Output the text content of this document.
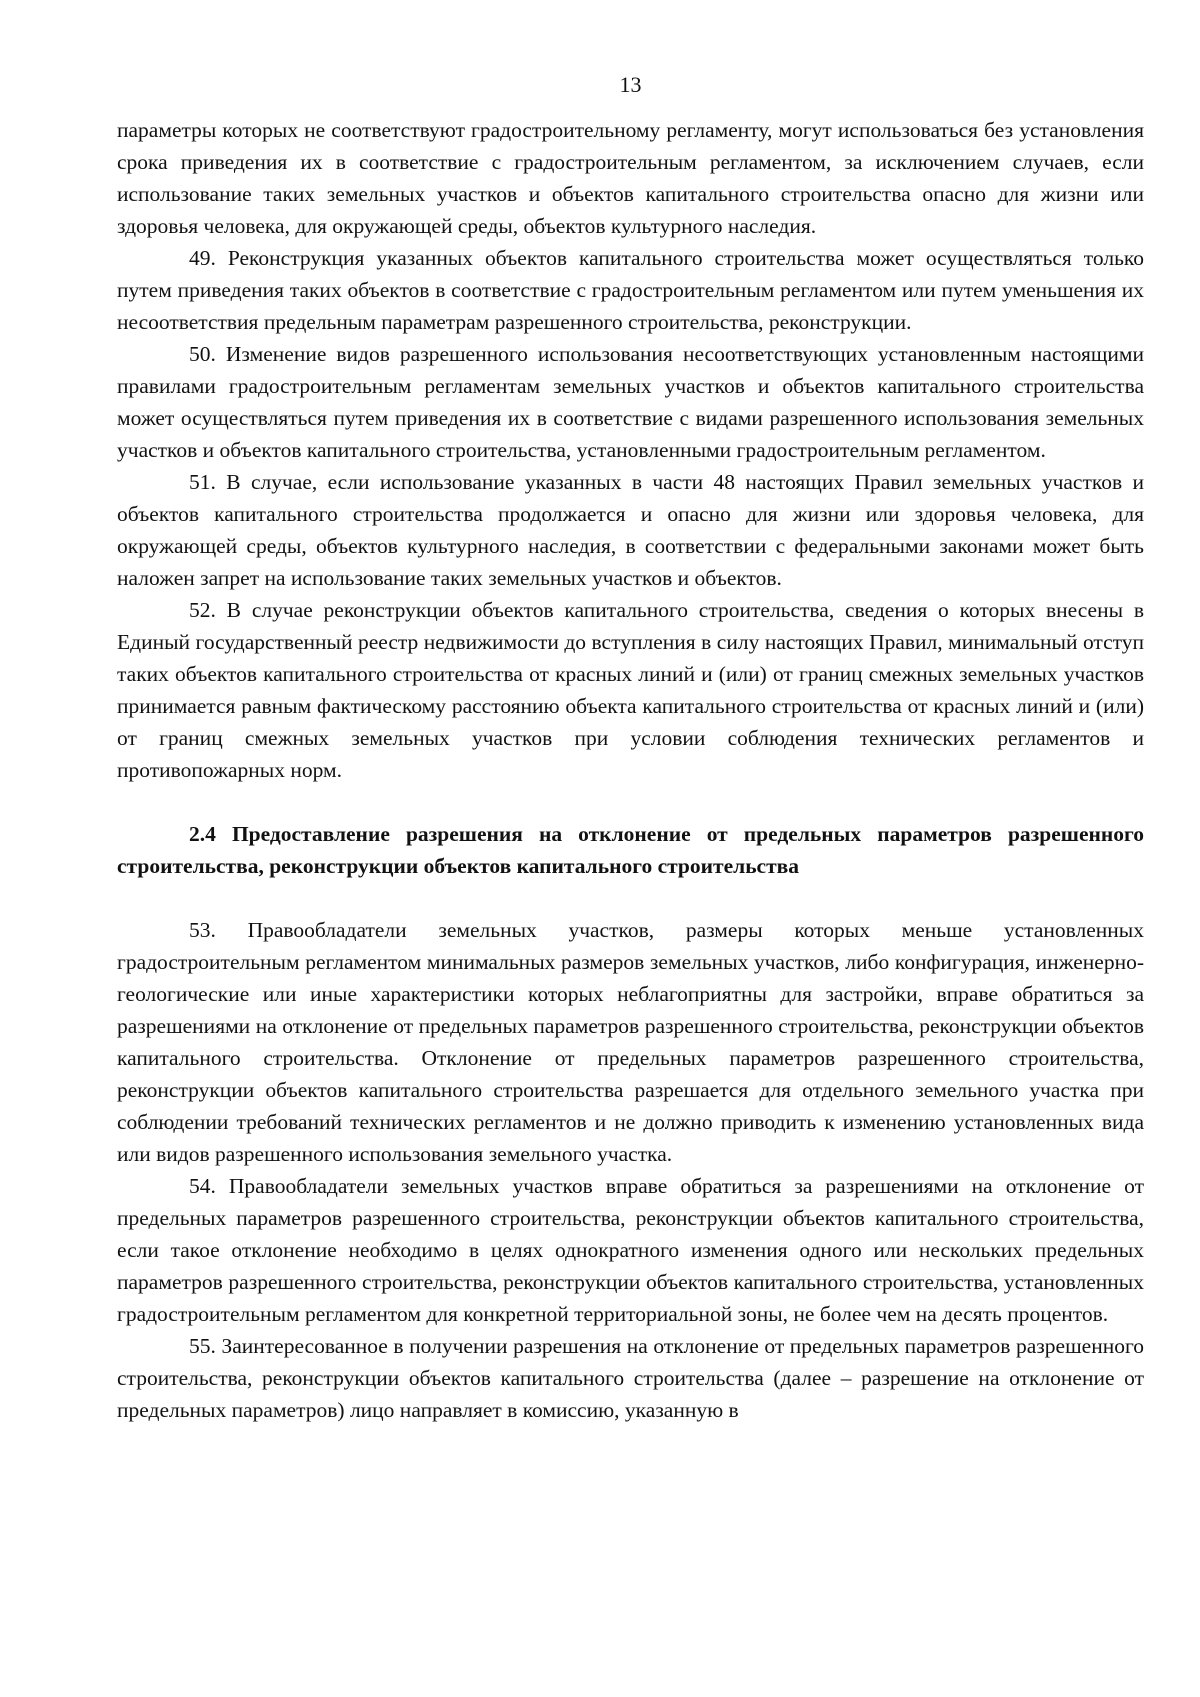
13

параметры которых не соответствуют градостроительному регламенту, могут использоваться без установления срока приведения их в соответствие с градостроительным регламентом, за исключением случаев, если использование таких земельных участков и объектов капитального строительства опасно для жизни или здоровья человека, для окружающей среды, объектов культурного наследия.

49. Реконструкция указанных объектов капитального строительства может осуществляться только путем приведения таких объектов в соответствие с градостроительным регламентом или путем уменьшения их несоответствия предельным параметрам разрешенного строительства, реконструкции.

50. Изменение видов разрешенного использования несоответствующих установленным настоящими правилами градостроительным регламентам земельных участков и объектов капитального строительства может осуществляться путем приведения их в соответствие с видами разрешенного использования земельных участков и объектов капитального строительства, установленными градостроительным регламентом.

51. В случае, если использование указанных в части 48 настоящих Правил земельных участков и объектов капитального строительства продолжается и опасно для жизни или здоровья человека, для окружающей среды, объектов культурного наследия, в соответствии с федеральными законами может быть наложен запрет на использование таких земельных участков и объектов.

52. В случае реконструкции объектов капитального строительства, сведения о которых внесены в Единый государственный реестр недвижимости до вступления в силу настоящих Правил, минимальный отступ таких объектов капитального строительства от красных линий и (или) от границ смежных земельных участков принимается равным фактическому расстоянию объекта капитального строительства от красных линий и (или) от границ смежных земельных участков при условии соблюдения технических регламентов и противопожарных норм.

2.4 Предоставление разрешения на отклонение от предельных параметров разрешенного строительства, реконструкции объектов капитального строительства

53. Правообладатели земельных участков, размеры которых меньше установленных градостроительным регламентом минимальных размеров земельных участков, либо конфигурация, инженерно-геологические или иные характеристики которых неблагоприятны для застройки, вправе обратиться за разрешениями на отклонение от предельных параметров разрешенного строительства, реконструкции объектов капитального строительства. Отклонение от предельных параметров разрешенного строительства, реконструкции объектов капитального строительства разрешается для отдельного земельного участка при соблюдении требований технических регламентов и не должно приводить к изменению установленных вида или видов разрешенного использования земельного участка.

54. Правообладатели земельных участков вправе обратиться за разрешениями на отклонение от предельных параметров разрешенного строительства, реконструкции объектов капитального строительства, если такое отклонение необходимо в целях однократного изменения одного или нескольких предельных параметров разрешенного строительства, реконструкции объектов капитального строительства, установленных градостроительным регламентом для конкретной территориальной зоны, не более чем на десять процентов.

55. Заинтересованное в получении разрешения на отклонение от предельных параметров разрешенного строительства, реконструкции объектов капитального строительства (далее – разрешение на отклонение от предельных параметров) лицо направляет в комиссию, указанную в
